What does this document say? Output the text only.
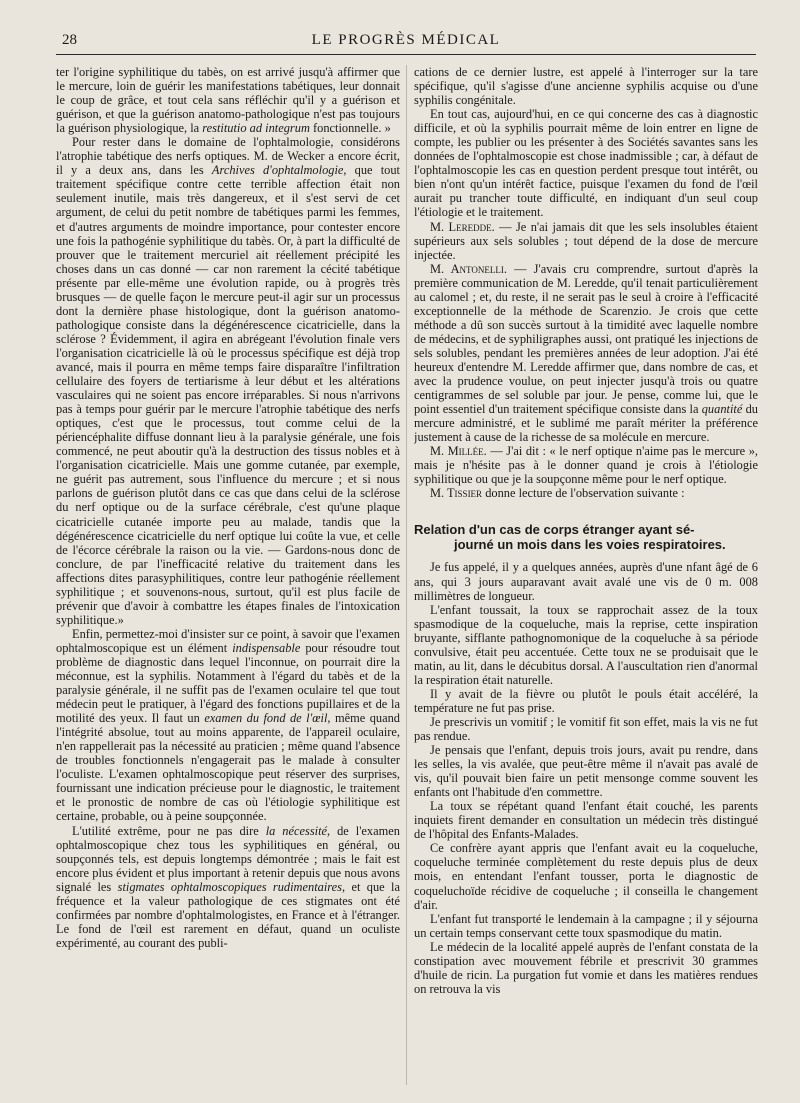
28	LE PROGRÈS MÉDICAL

ter l'origine syphilitique du tabès, on est arrivé jusqu'à affirmer que le mercure, loin de guérir les manifestations tabétiques, leur donnait le coup de grâce, et tout cela sans réfléchir qu'il y a guérison et guérison, et que la guérison anatomo-pathologique n'est pas toujours la guérison physiologique, la restitutio ad integrum fonctionnelle. »

Pour rester dans le domaine de l'ophtalmologie, considérons l'atrophie tabétique des nerfs optiques. M. de Wecker a encore écrit, il y a deux ans, dans les Archives d'ophtalmologie, que tout traitement spécifique contre cette terrible affection était non seulement inutile, mais très dangereux, et il s'est servi de cet argument, de celui du petit nombre de tabétiques parmi les femmes, et d'autres arguments de moindre importance, pour contester encore une fois la pathogénie syphilitique du tabès. Or, à part la difficulté de prouver que le traitement mercuriel ait réellement précipité les choses dans un cas donné — car non rarement la cécité tabétique présente par elle-même une évolution rapide, ou à progrès très brusques — de quelle façon le mercure peut-il agir sur un processus dont la dernière phase histologique, dont la guérison anatomo-pathologique consiste dans la dégénérescence cicatricielle, dans la sclérose ? Évidemment, il agira en abrégeant l'évolution finale vers l'organisation cicatricielle là où le processus spécifique est déjà trop avancé, mais il pourra en même temps faire disparaître l'infiltration cellulaire des foyers de tertiarisme à leur début et les altérations vasculaires qui ne soient pas encore irréparables. Si nous n'arrivons pas à temps pour guérir par le mercure l'atrophie tabétique des nerfs optiques, c'est que le processus, tout comme celui de la périencéphalite diffuse donnant lieu à la paralysie générale, une fois commencé, ne peut aboutir qu'à la destruction des tissus nobles et à l'organisation cicatricielle. Mais une gomme cutanée, par exemple, ne guérit pas autrement, sous l'influence du mercure ; et si nous parlons de guérison plutôt dans ce cas que dans celui de la sclérose du nerf optique ou de la surface cérébrale, c'est qu'une plaque cicatricielle cutanée importe peu au malade, tandis que la dégénérescence cicatricielle du nerf optique lui coûte la vue, et celle de l'écorce cérébrale la raison ou la vie. — Gardons-nous donc de conclure, de par l'inefficacité relative du traitement dans les affections dites parasyphilitiques, contre leur pathogénie réellement syphilitique ; et souvenons-nous, surtout, qu'il est plus facile de prévenir que d'avoir à combattre les étapes finales de l'intoxication syphilitique.»

Enfin, permettez-moi d'insister sur ce point, à savoir que l'examen ophtalmoscopique est un élément indispensable pour résoudre tout problème de diagnostic dans lequel l'inconnue, on pourrait dire la méconnue, est la syphilis. Notamment à l'égard du tabès et de la paralysie générale, il ne suffit pas de l'examen oculaire tel que tout médecin peut le pratiquer, à l'égard des fonctions pupillaires et de la motilité des yeux. Il faut un examen du fond de l'œil, même quand l'intégrité absolue, tout au moins apparente, de l'appareil oculaire, n'en rappellerait pas la nécessité au praticien ; même quand l'absence de troubles fonctionnels n'engagerait pas le malade à consulter l'oculiste. L'examen ophtalmoscopique peut réserver des surprises, fournissant une indication précieuse pour le diagnostic, le traitement et le pronostic de nombre de cas où l'étiologie syphilitique est certaine, probable, ou à peine soupçonnée.

L'utilité extrême, pour ne pas dire la nécessité, de l'examen ophtalmoscopique chez tous les syphilitiques en général, ou soupçonnés tels, est depuis longtemps démontrée ; mais le fait est encore plus évident et plus important à retenir depuis que nous avons signalé les stigmates ophtalmoscopiques rudimentaires, et que la fréquence et la valeur pathologique de ces stigmates ont été confirmées par nombre d'ophtalmologistes, en France et à l'étranger. Le fond de l'œil est rarement en défaut, quand un oculiste expérimenté, au courant des publi-

cations de ce dernier lustre, est appelé à l'interroger sur la tare spécifique, qu'il s'agisse d'une ancienne syphilis acquise ou d'une syphilis congénitale.

En tout cas, aujourd'hui, en ce qui concerne des cas à diagnostic difficile, et où la syphilis pourrait même de loin entrer en ligne de compte, les publier ou les présenter à des Sociétés savantes sans les données de l'ophtalmoscopie est chose inadmissible ; car, à défaut de l'ophtalmoscopie les cas en question perdent presque tout intérêt, ou bien n'ont qu'un intérêt factice, puisque l'examen du fond de l'œil aurait pu trancher toute difficulté, en indiquant d'un seul coup l'étiologie et le traitement.

M. Leredde. — Je n'ai jamais dit que les sels insolubles étaient supérieurs aux sels solubles ; tout dépend de la dose de mercure injectée.

M. Antonelli. — J'avais cru comprendre, surtout d'après la première communication de M. Leredde, qu'il tenait particulièrement au calomel ; et, du reste, il ne serait pas le seul à croire à l'efficacité exceptionnelle de la méthode de Scarenzio. Je crois que cette méthode a dû son succès surtout à la timidité avec laquelle nombre de médecins, et de syphiligraphes aussi, ont pratiqué les injections de sels solubles, pendant les premières années de leur adoption. J'ai été heureux d'entendre M. Leredde affirmer que, dans nombre de cas, et avec la prudence voulue, on peut injecter jusqu'à trois ou quatre centigrammes de sel soluble par jour. Je pense, comme lui, que le point essentiel d'un traitement spécifique consiste dans la quantité du mercure administré, et le sublimé me paraît mériter la préférence justement à cause de la richesse de sa molécule en mercure.

M. Millée. — J'ai dit : « le nerf optique n'aime pas le mercure », mais je n'hésite pas à le donner quand je crois à l'étiologie syphilitique ou que je la soupçonne même pour le nerf optique.

M. Tissier donne lecture de l'observation suivante :

Relation d'un cas de corps étranger ayant sé-
journé un mois dans les voies respiratoires.

Je fus appelé, il y a quelques années, auprès d'une nfant âgé de 6 ans, qui 3 jours auparavant avait avalé une vis de 0 m. 008 millimètres de longueur.

L'enfant toussait, la toux se rapprochait assez de la toux spasmodique de la coqueluche, mais la reprise, cette inspiration bruyante, sifflante pathognomonique de la coqueluche à sa période convulsive, était peu accentuée. Cette toux ne se produisait que le matin, au lit, dans le décubitus dorsal. A l'auscultation rien d'anormal la respiration était naturelle.

Il y avait de la fièvre ou plutôt le pouls était accéléré, la température ne fut pas prise.

Je prescrivis un vomitif ; le vomitif fit son effet, mais la vis ne fut pas rendue.

Je pensais que l'enfant, depuis trois jours, avait pu rendre, dans les selles, la vis avalée, que peut-être même il n'avait pas avalé de vis, qu'il pouvait bien faire un petit mensonge comme souvent les enfants ont l'habitude d'en commettre.

La toux se répétant quand l'enfant était couché, les parents inquiets firent demander en consultation un médecin très distingué de l'hôpital des Enfants-Malades.

Ce confrère ayant appris que l'enfant avait eu la coqueluche, coqueluche terminée complètement du reste depuis plus de deux mois, en entendant l'enfant tousser, porta le diagnostic de coqueluchoïde récidive de coqueluche ; il conseilla le changement d'air.

L'enfant fut transporté le lendemain à la campagne ; il y séjourna un certain temps conservant cette toux spasmodique du matin.

Le médecin de la localité appelé auprès de l'enfant constata de la constipation avec mouvement fébrile et prescrivit 30 grammes d'huile de ricin. La purgation fut vomie et dans les matières rendues on retrouva la vis
